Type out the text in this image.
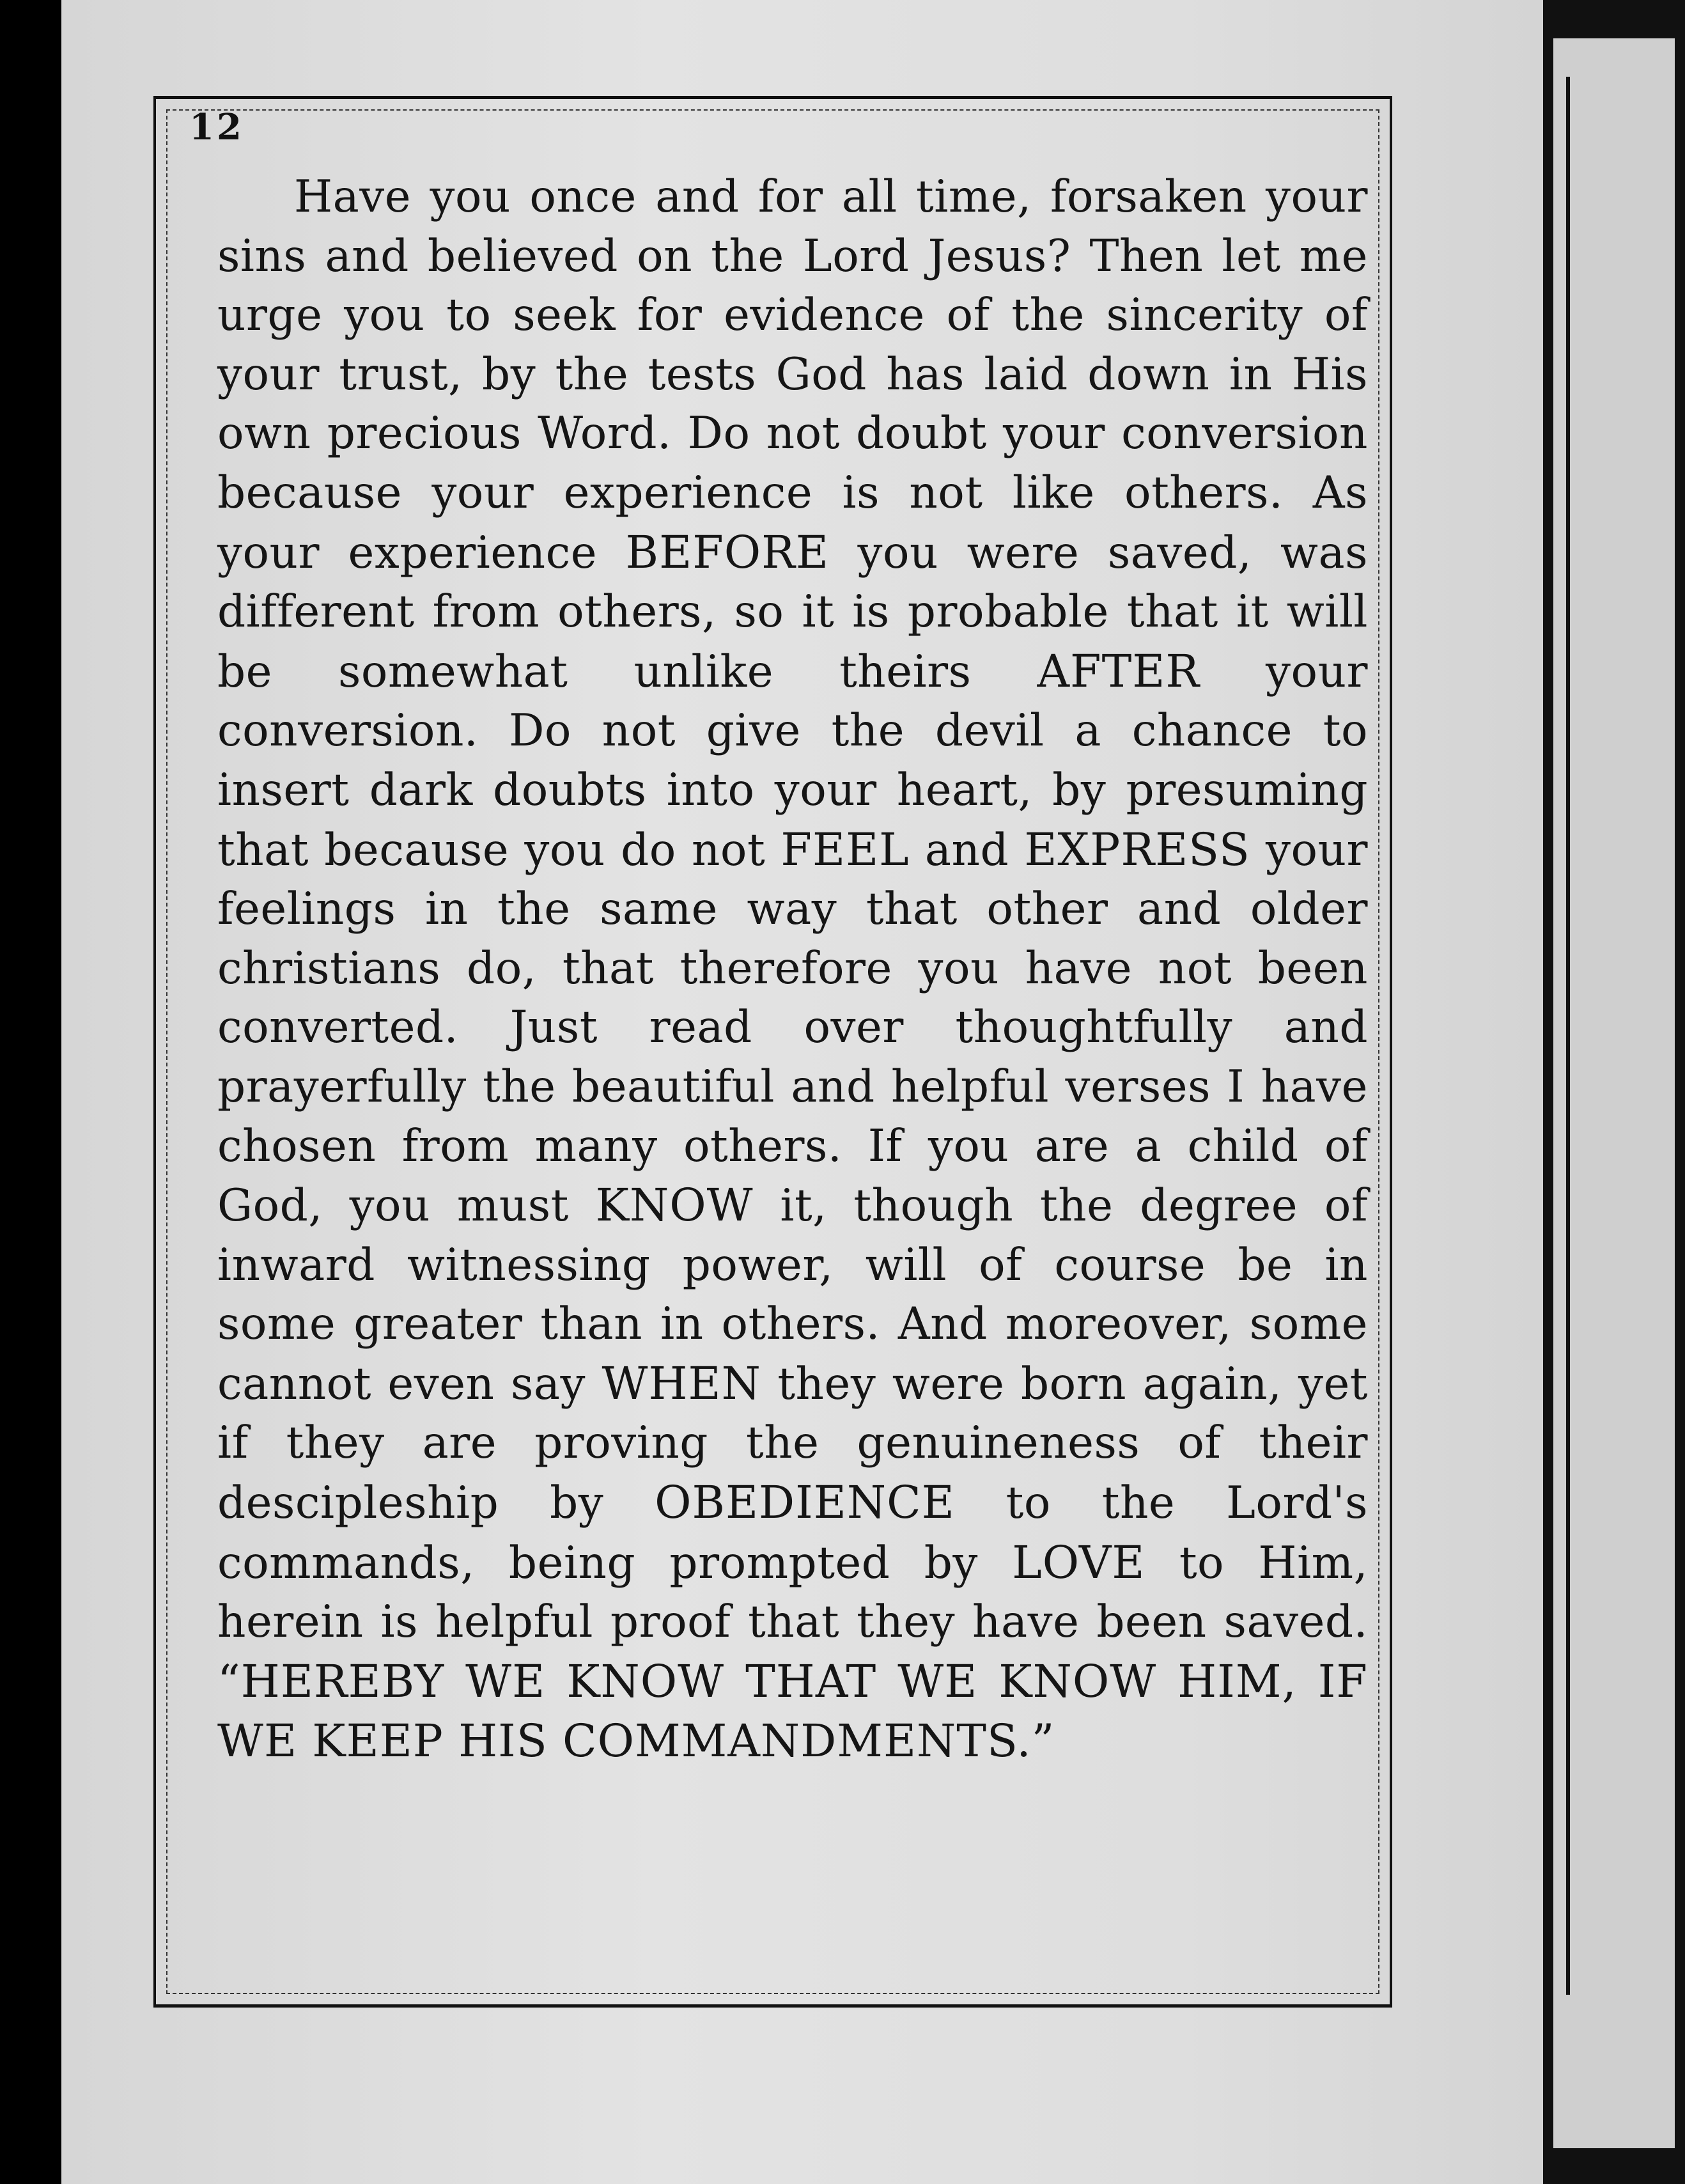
12

Have you once and for all time, forsaken your sins and believed on the Lord Jesus? Then let me urge you to seek for evidence of the sincerity of your trust, by the tests God has laid down in His own precious Word. Do not doubt your conversion because your experience is not like others. As your experience BEFORE you were saved, was different from others, so it is probable that it will be somewhat unlike theirs AFTER your conversion. Do not give the devil a chance to insert dark doubts into your heart, by presuming that because you do not FEEL and EXPRESS your feelings in the same way that other and older christians do, that therefore you have not been converted. Just read over thoughtfully and prayerfully the beautiful and helpful verses I have chosen from many others. If you are a child of God, you must KNOW it, though the degree of inward witnessing power, will of course be in some greater than in others. And moreover, some cannot even say WHEN they were born again, yet if they are proving the genuineness of their descipleship by OBEDIENCE to the Lord's commands, being prompted by LOVE to Him, herein is helpful proof that they have been saved. “HEREBY WE KNOW THAT WE KNOW HIM, IF WE KEEP HIS COMMANDMENTS.”
